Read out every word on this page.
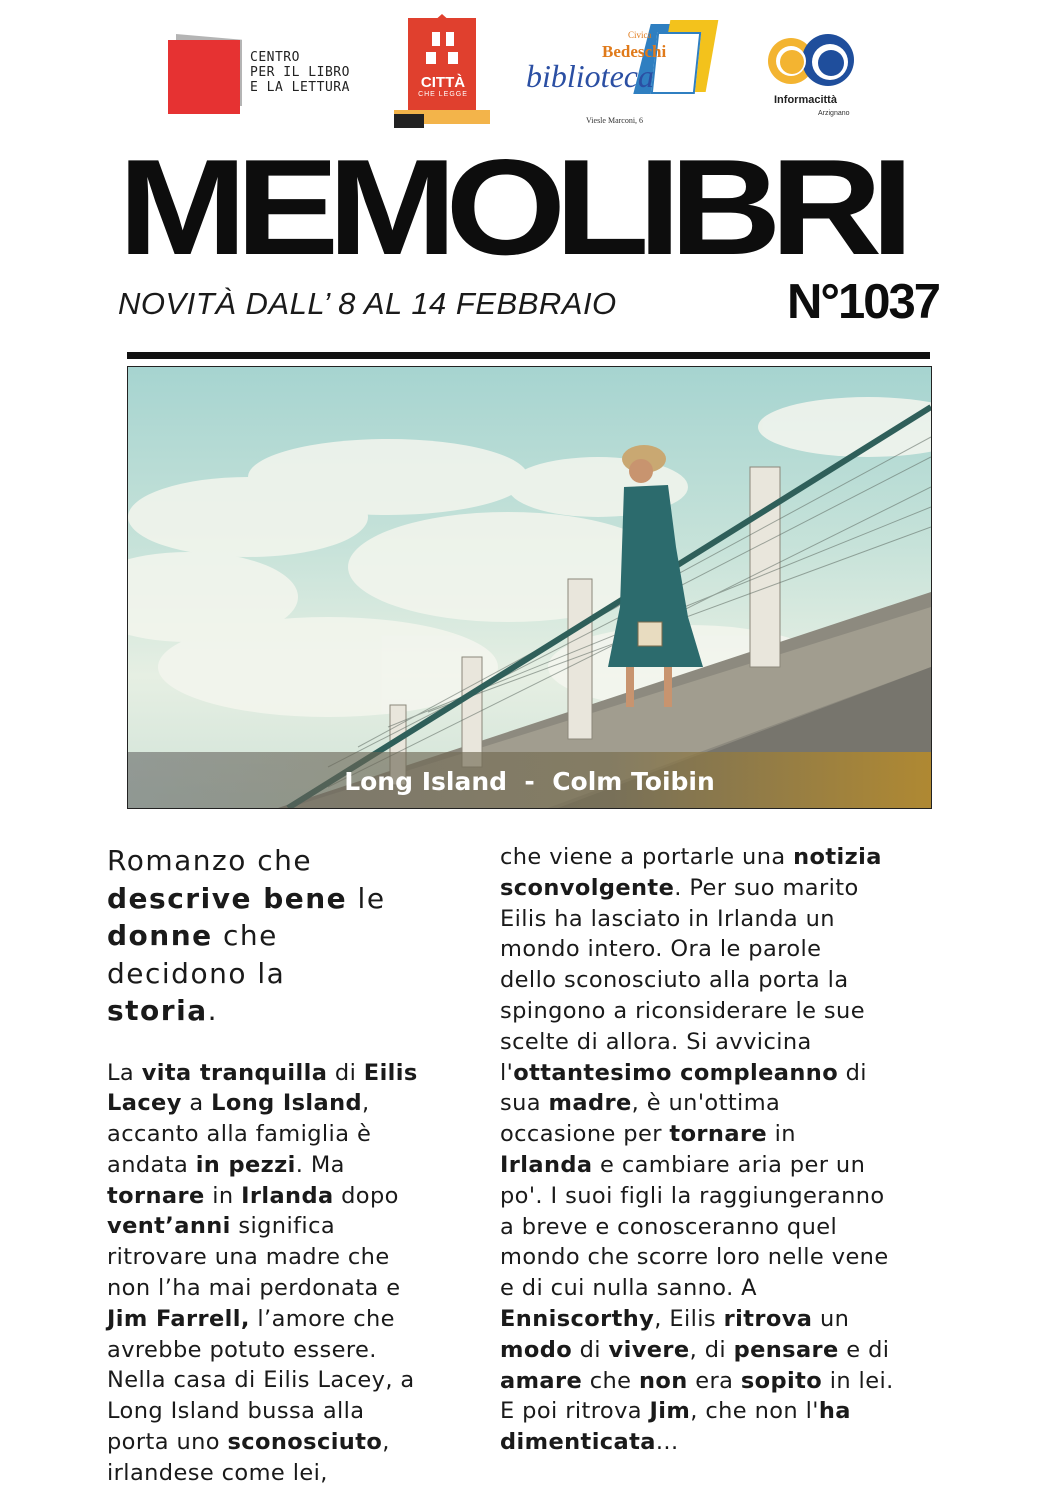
CENTRO
PER IL LIBRO
E LA LETTURA	CITTÀ
CHE LEGGE
Civica
Bedeschi
biblioteca
Viesle Marconi, 6
Informacittà
Arzignano
MEMOLIBRI
NOVITÀ DALL’ 8 AL 14 FEBBRAIO	N°1037
Long Island  -  Colm Toibin

Romanzo che
descrive bene le
donne che
decidono la
storia.

La vita tranquilla di Eilis
Lacey a Long Island,
accanto alla famiglia è
andata in pezzi. Ma
tornare in Irlanda dopo
vent’anni significa
ritrovare una madre che
non l’ha mai perdonata e
Jim Farrell, l’amore che
avrebbe potuto essere.
Nella casa di Eilis Lacey, a
Long Island bussa alla
porta uno sconosciuto,
irlandese come lei,

che viene a portarle una notizia
sconvolgente. Per suo marito
Eilis ha lasciato in Irlanda un
mondo intero. Ora le parole
dello sconosciuto alla porta la
spingono a riconsiderare le sue
scelte di allora. Si avvicina
l'ottantesimo compleanno di
sua madre, è un'ottima
occasione per tornare in
Irlanda e cambiare aria per un
po'. I suoi figli la raggiungeranno
a breve e conosceranno quel
mondo che scorre loro nelle vene
e di cui nulla sanno. A
Enniscorthy, Eilis ritrova un
modo di vivere, di pensare e di
amare che non era sopito in lei.
E poi ritrova Jim, che non l'ha
dimenticata...
